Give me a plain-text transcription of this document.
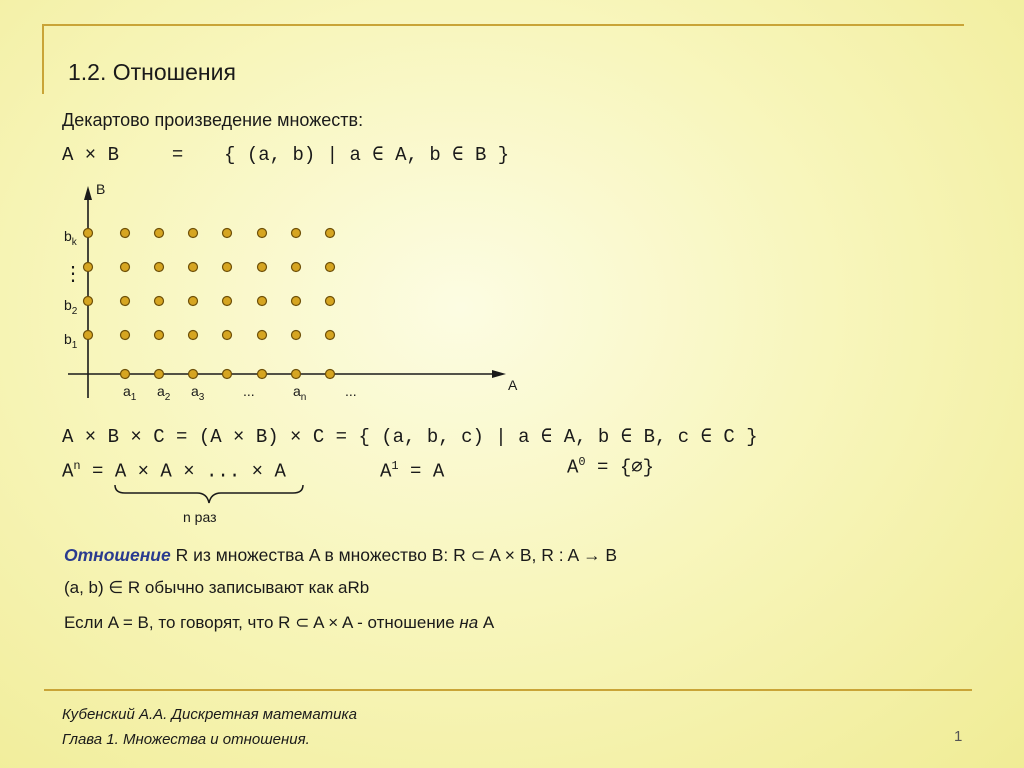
1.2. Отношения
Декартово произведение множеств:
A × B	= { (a, b) | a ∈ A, b ∈ B }
B
A
$b_k$
⋮
$b_2$
$b_1$
$a_1$ $a_2$ $a_3$	...	$a_n$	...
A × B × C = (A × B) × C = { (a, b, c) | a ∈ A, b ∈ B, c ∈ C }
$A^n = A \times A$ × ... × A
n раз
$A^1 = A$	$A^0$ = {∅}
Отношение R из множества A в множество B: R ⊂ A × B, R : A → B
(a, b) ∈ R обычно записывают как aRb
Если A = B, то говорят, что R ⊂ A × A - отношение на A
Кубенский А.А. Дискретная математика
Глава 1. Множества и отношения.	1
